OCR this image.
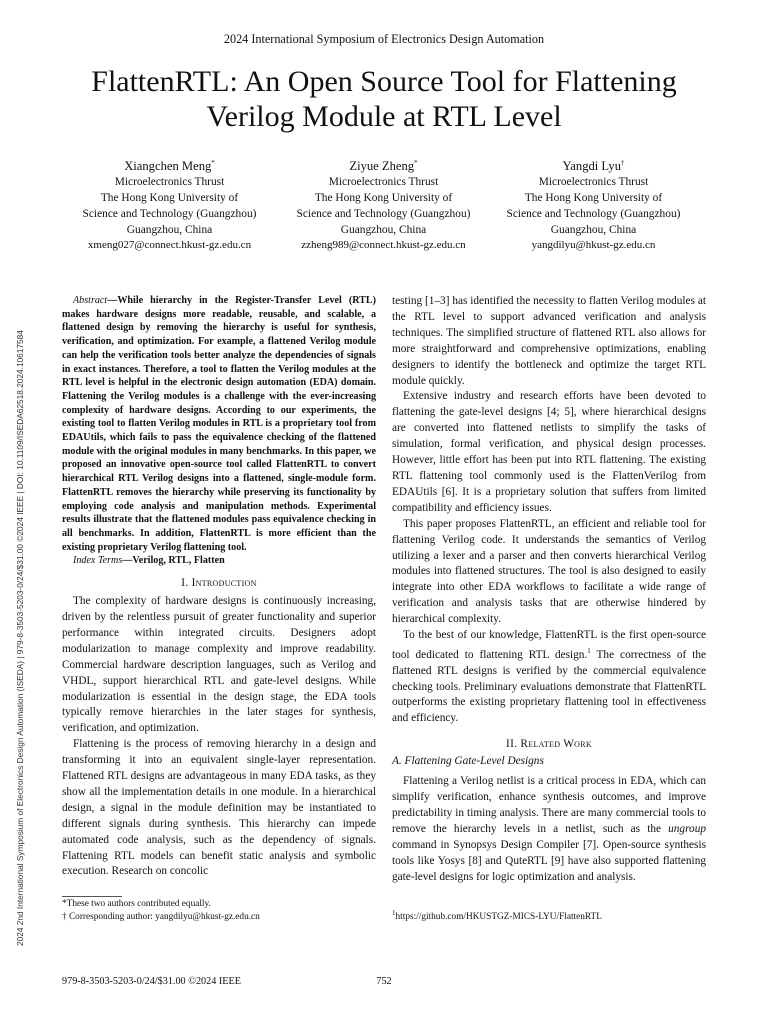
2024 2nd International Symposium of Electronics Design Automation (ISEDA) | 979-8-3503-5203-0/24/$31.00 ©2024 IEEE | DOI: 10.1109/ISEDA62518.2024.10617584
2024 International Symposium of Electronics Design Automation
FlattenRTL: An Open Source Tool for Flattening
Verilog Module at RTL Level
Xiangchen Meng*
Microelectronics Thrust
The Hong Kong University of
Science and Technology (Guangzhou)
Guangzhou, China
xmeng027@connect.hkust-gz.edu.cn
Ziyue Zheng*
Microelectronics Thrust
The Hong Kong University of
Science and Technology (Guangzhou)
Guangzhou, China
zzheng989@connect.hkust-gz.edu.cn
Yangdi Lyu†
Microelectronics Thrust
The Hong Kong University of
Science and Technology (Guangzhou)
Guangzhou, China
yangdilyu@hkust-gz.edu.cn

Abstract—While hierarchy in the Register-Transfer Level (RTL) makes hardware designs more readable, reusable, and scalable, a flattened design by removing the hierarchy is useful for synthesis, verification, and optimization. For example, a flattened Verilog module can help the verification tools better analyze the dependencies of signals in exact instances. Therefore, a tool to flatten the Verilog modules at the RTL level is helpful in the electronic design automation (EDA) domain. Flattening the Verilog modules is a challenge with the ever-increasing complexity of hardware designs. According to our experiments, the existing tool to flatten Verilog modules in RTL is a proprietary tool from EDAUtils, which fails to pass the equivalence checking of the flattened module with the original modules in many benchmarks. In this paper, we proposed an innovative open-source tool called FlattenRTL to convert hierarchical RTL Verilog designs into a flattened, single-module form. FlattenRTL removes the hierarchy while preserving its functionality by employing code analysis and manipulation methods. Experimental results illustrate that the flattened modules pass equivalence checking in all benchmarks. In addition, FlattenRTL is more efficient than the existing proprietary Verilog flattening tool.

Index Terms—Verilog, RTL, Flatten

I. Introduction

The complexity of hardware designs is continuously increasing, driven by the relentless pursuit of greater functionality and superior performance within integrated circuits. Designers adopt modularization to manage complexity and improve readability. Commercial hardware description languages, such as Verilog and VHDL, support hierarchical RTL and gate-level designs. While modularization is essential in the design stage, the EDA tools typically remove hierarchies in the later stages for synthesis, verification, and optimization.

Flattening is the process of removing hierarchy in a design and transforming it into an equivalent single-layer representation. Flattened RTL designs are advantageous in many EDA tasks, as they show all the implementation details in one module. In a hierarchical design, a signal in the module definition may be instantiated to different signals during synthesis. This hierarchy can impede automated code analysis, such as the dependency of signals. Flattening RTL models can benefit static analysis and symbolic execution. Research on concolic

testing [1–3] has identified the necessity to flatten Verilog modules at the RTL level to support advanced verification and analysis techniques. The simplified structure of flattened RTL also allows for more straightforward and comprehensive optimizations, enabling designers to identify the bottleneck and optimize the target RTL module quickly.

Extensive industry and research efforts have been devoted to flattening the gate-level designs [4; 5], where hierarchical designs are converted into flattened netlists to simplify the tasks of simulation, formal verification, and physical design processes. However, little effort has been put into RTL flattening. The existing RTL flattening tool commonly used is the FlattenVerilog from EDAUtils [6]. It is a proprietary solution that suffers from limited compatibility and efficiency issues.

This paper proposes FlattenRTL, an efficient and reliable tool for flattening Verilog code. It understands the semantics of Verilog utilizing a lexer and a parser and then converts hierarchical Verilog modules into flattened structures. The tool is also designed to easily integrate into other EDA workflows to facilitate a wide range of verification and analysis tasks that are otherwise hindered by hierarchical complexity.

To the best of our knowledge, FlattenRTL is the first open-source tool dedicated to flattening RTL design.$^1$ The correctness of the flattened RTL designs is verified by the commercial equivalence checking tools. Preliminary evaluations demonstrate that FlattenRTL outperforms the existing proprietary flattening tool in effectiveness and efficiency.

II. Related Work
A. Flattening Gate-Level Designs

Flattening a Verilog netlist is a critical process in EDA, which can simplify verification, enhance synthesis outcomes, and improve predictability in timing analysis. There are many commercial tools to remove the hierarchy levels in a netlist, such as the ungroup command in Synopsys Design Compiler [7]. Open-source synthesis tools like Yosys [8] and QuteRTL [9] have also supported flattening gate-level designs for logic optimization and analysis.

*These two authors contributed equally.
† Corresponding author: yangdilyu@hkust-gz.edu.cn	$^1$https://github.com/HKUSTGZ-MICS-LYU/FlattenRTL
979-8-3503-5203-0/24/$31.00 ©2024 IEEE	752
